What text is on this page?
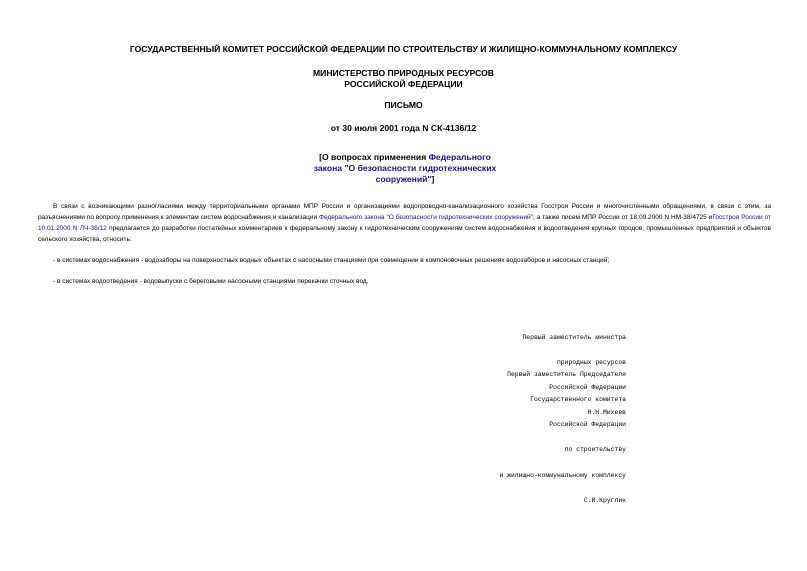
ГОСУДАРСТВЕННЫЙ КОМИТЕТ РОССИЙСКОЙ ФЕДЕРАЦИИ ПО СТРОИТЕЛЬСТВУ И ЖИЛИЩНО-КОММУНАЛЬНОМУ КОМПЛЕКСУ

МИНИСТЕРСТВО ПРИРОДНЫХ РЕСУРСОВ
РОССИЙСКОЙ ФЕДЕРАЦИИ

ПИСЬМО

от 30 июля 2001 года N СК-4136/12

[О вопросах применения Федерального закона "О безопасности гидротехнических сооружений"]

В связи с возникающими разногласиями между территориальными органами МПР России и организациями водопроводно-канализационного хозяйства Госстроя России и многочисленными обращениями, в связи с этим, за разъяснениями по вопросу применения к элементам систем водоснабжения и канализации Федерального закона "О безопасности гидротехнических сооружений", а также писем МПР России от 18.09.2000 N НМ-38/4725 иГосстроя России от 10.01.2000 N ЛЧ-38/12 предлагается до разработки постатейных комментариев к федеральному закону к гидротехническим сооружениям систем водоснабжения и водоотведения крупных городов, промышленных предприятий и объектов сельского хозяйства, относить:

- в системах водоснабжения - водозаборы на поверхностных водных объектах с насосными станциями при совмещении в компоновочных решениях водозаборов и насосных станций;

- в системах водоотведения - водовыпуски с береговыми насосными станциями перекачки сточных вод.

Первый заместитель министра

природных ресурсов

Российской Федерации

Н.Н.Михеев

Первый заместитель Председателя

Государственного комитета

Российской Федерации

по строительству

и жилищно-коммунальному комплексу

С.И.Круглик
